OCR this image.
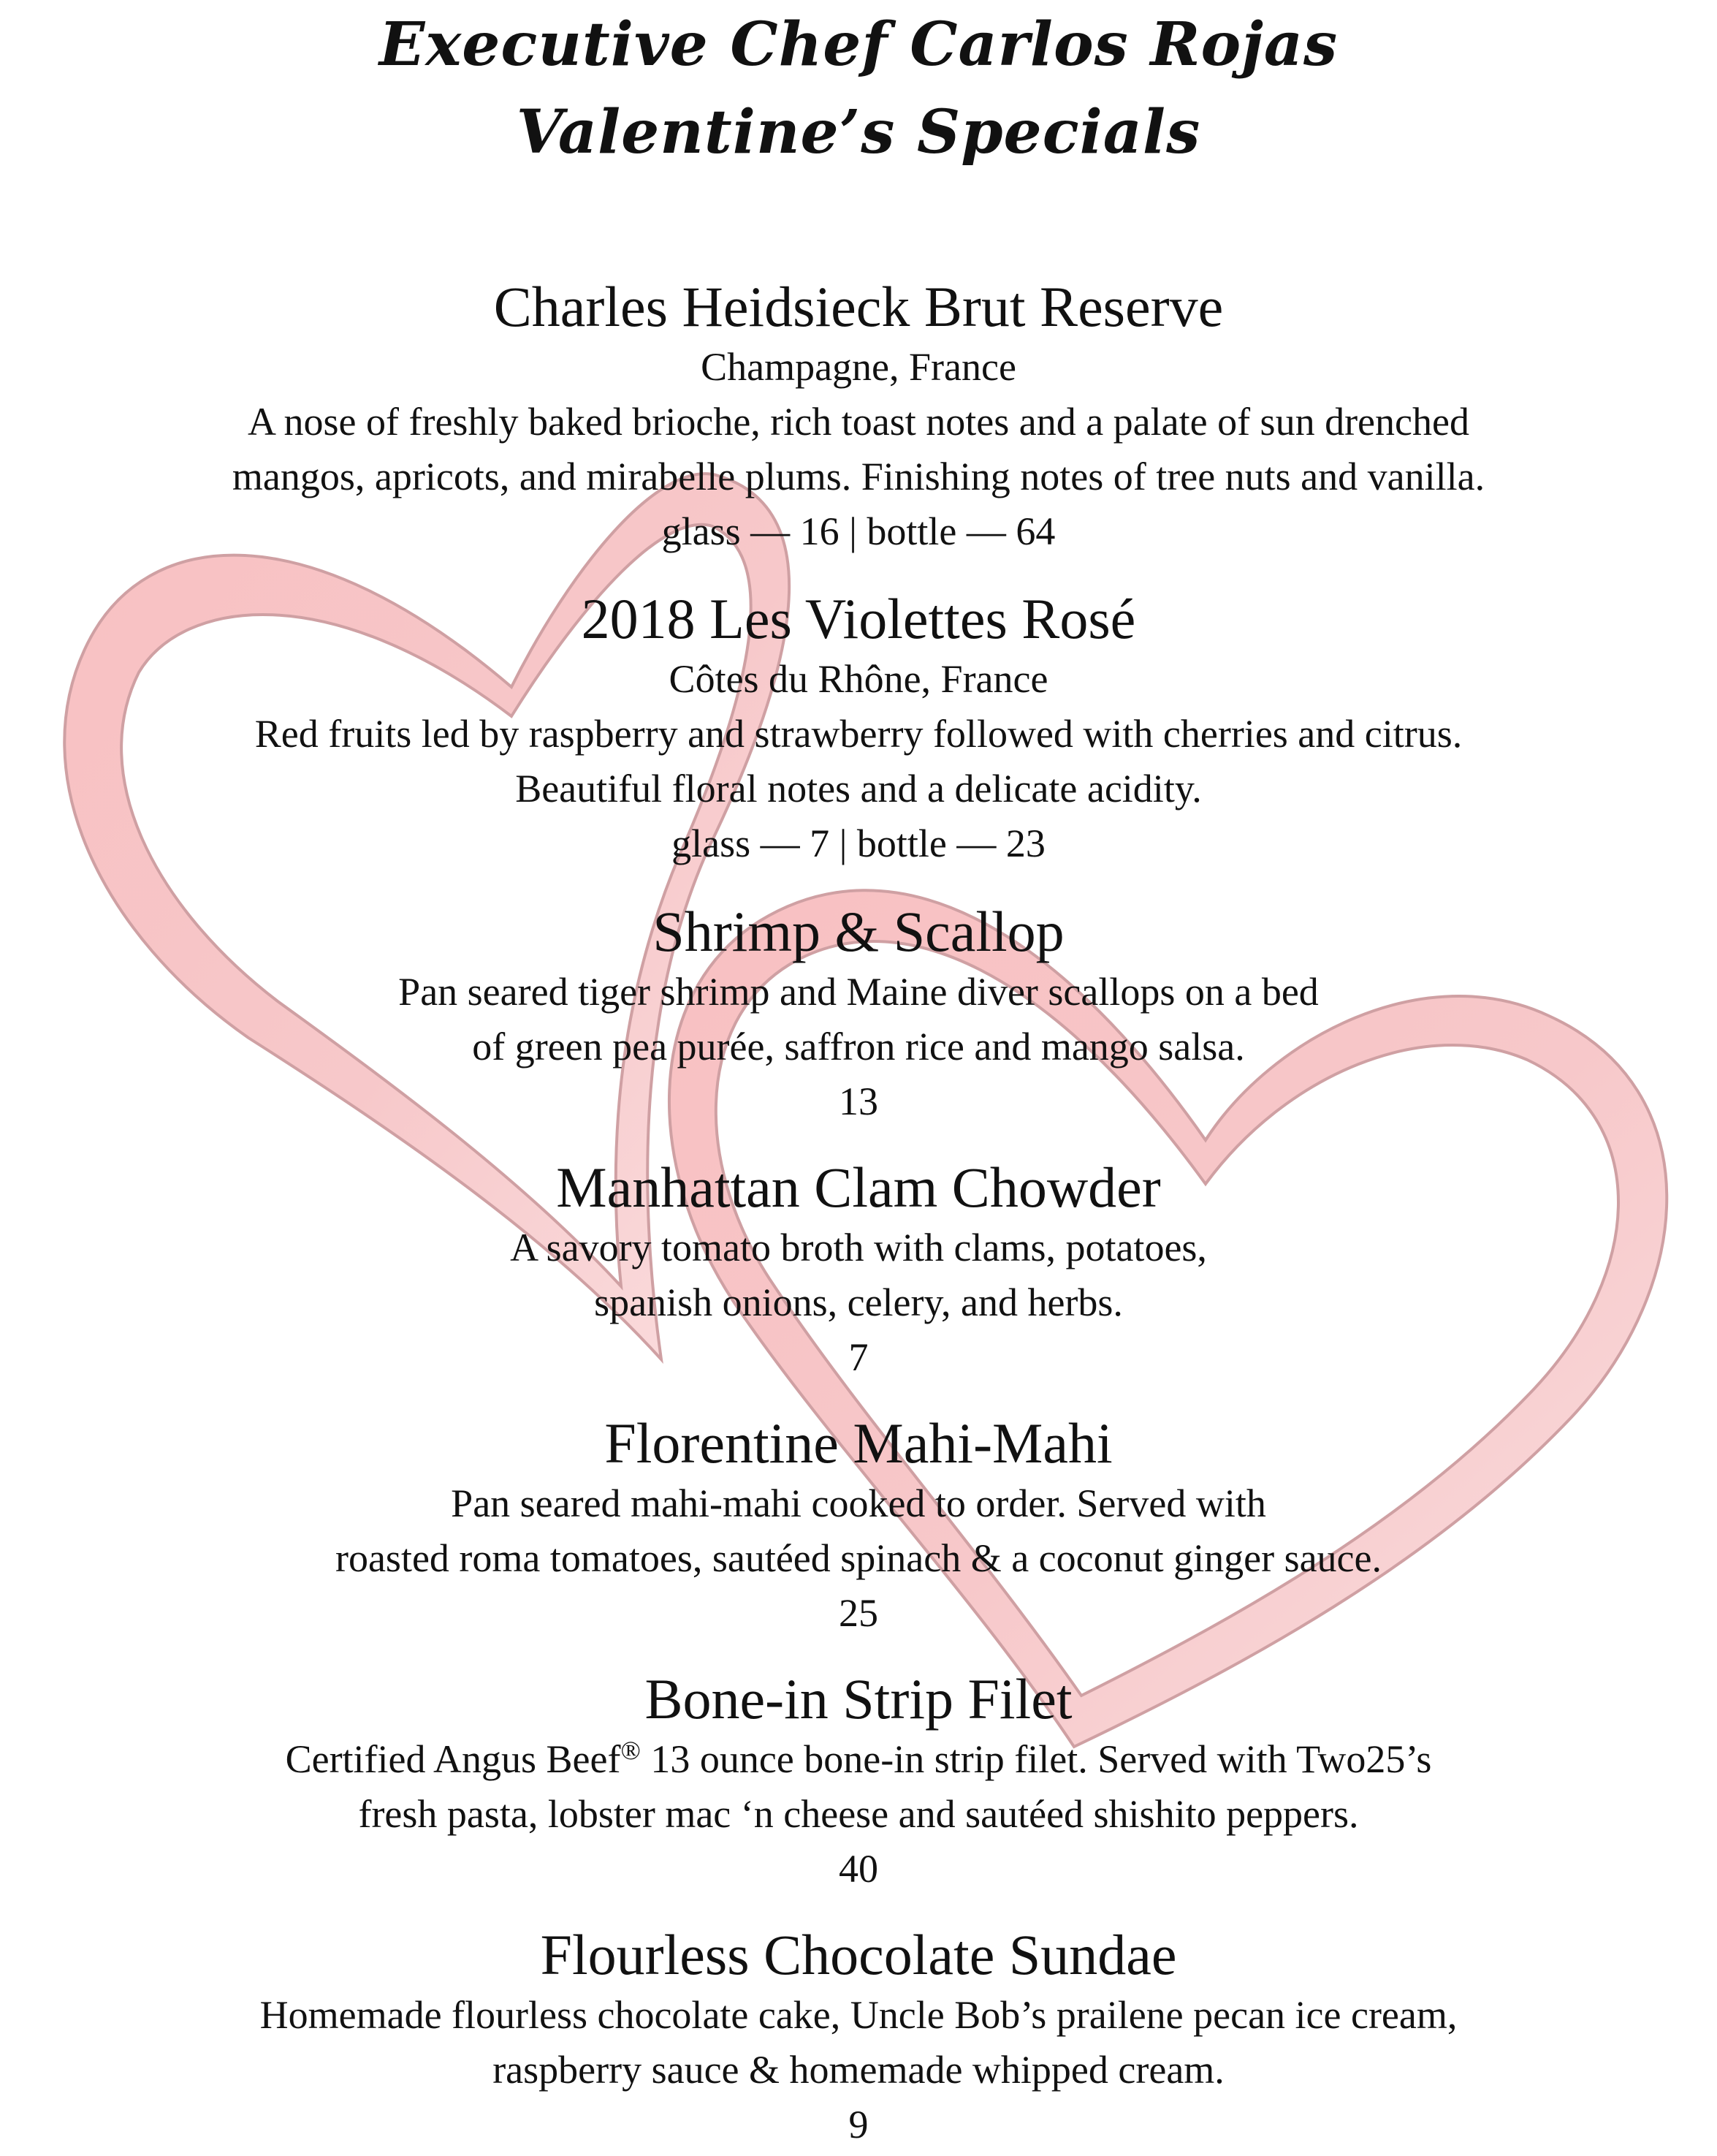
Executive Chef Carlos Rojas
Valentine’s Specials
Charles Heidsieck Brut Reserve
Champagne, France
A nose of freshly baked brioche, rich toast notes and a palate of sun drenched
mangos, apricots, and mirabelle plums. Finishing notes of tree nuts and vanilla.
glass — 16 | bottle — 64
2018 Les Violettes Rosé
Côtes du Rhône, France
Red fruits led by raspberry and strawberry followed with cherries and citrus.
Beautiful floral notes and a delicate acidity.
glass — 7 | bottle — 23
Shrimp & Scallop
Pan seared tiger shrimp and Maine diver scallops on a bed
of green pea purée, saffron rice and mango salsa.
13
Manhattan Clam Chowder
A savory tomato broth with clams, potatoes,
spanish onions, celery, and herbs.
7
Florentine Mahi-Mahi
Pan seared mahi-mahi cooked to order. Served with
roasted roma tomatoes, sautéed spinach & a coconut ginger sauce.
25
Bone-in Strip Filet
Certified Angus Beef® 13 ounce bone-in strip filet. Served with Two25’s
fresh pasta, lobster mac ‘n cheese and sautéed shishito peppers.
40
Flourless Chocolate Sundae
Homemade flourless chocolate cake, Uncle Bob’s prailene pecan ice cream,
raspberry sauce & homemade whipped cream.
9
